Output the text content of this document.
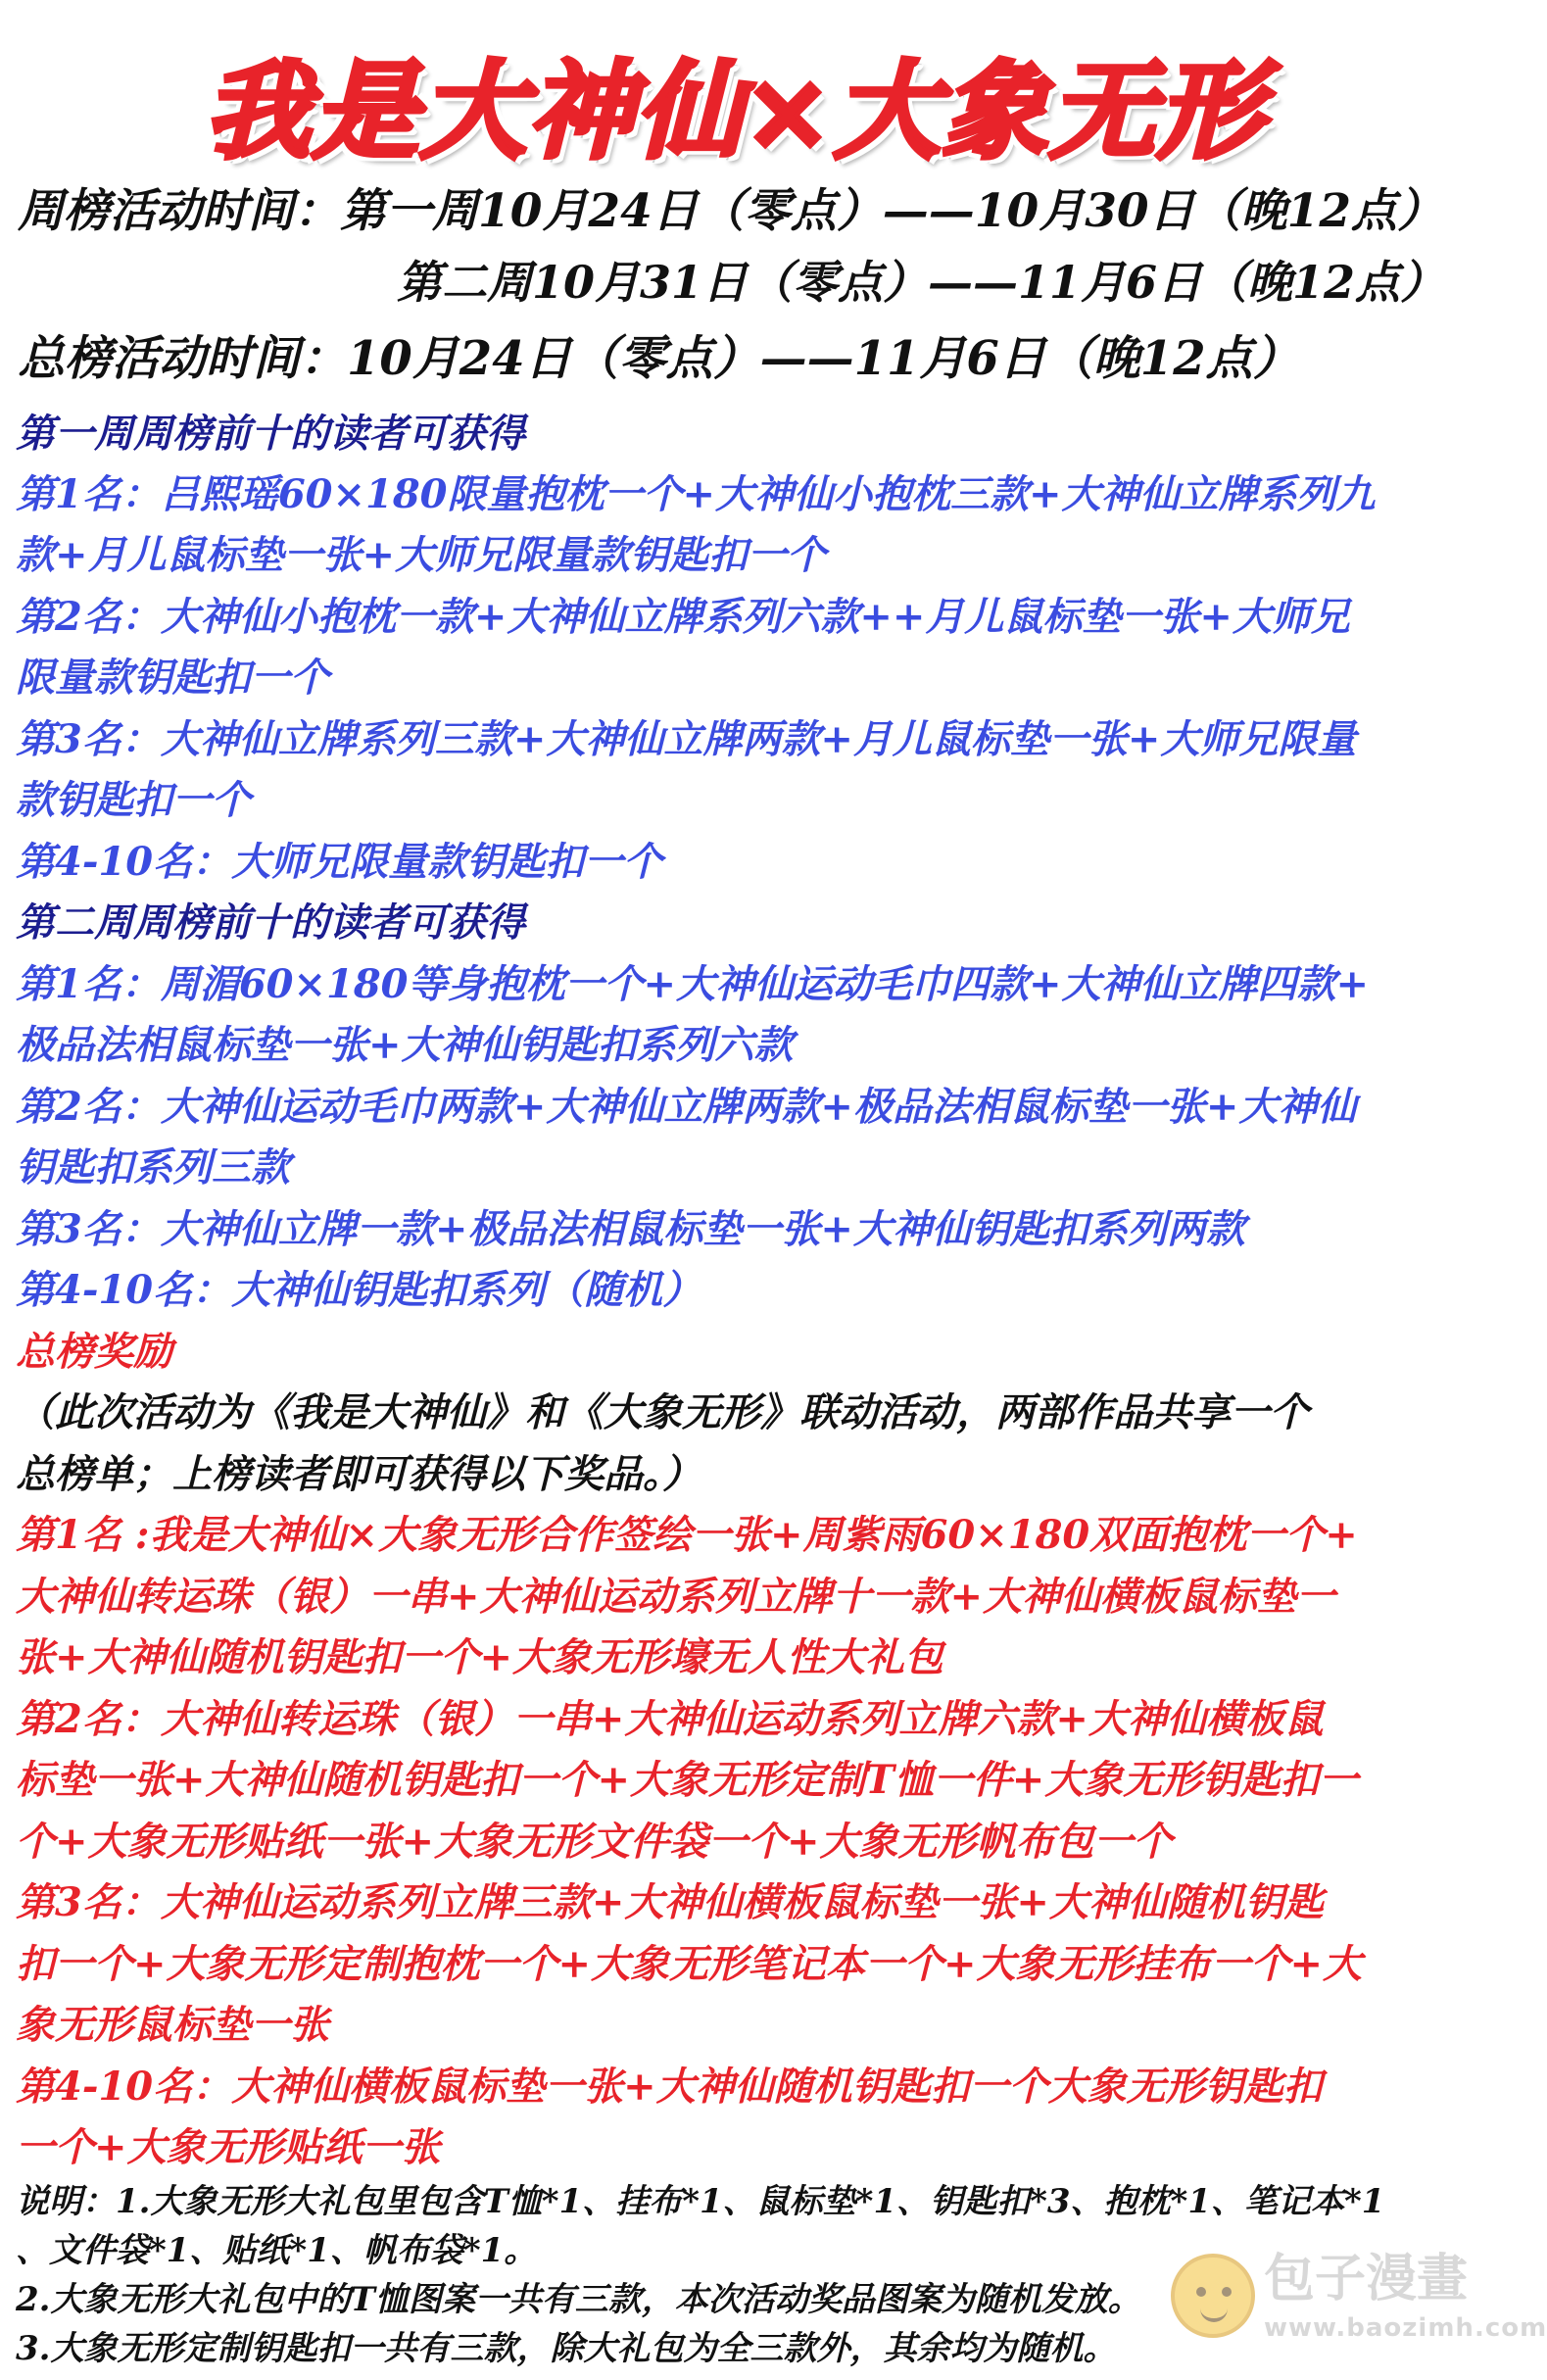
我是大神仙×大象无形
周榜活动时间：第一周10月24日（零点）——10月30日（晚12点）
第二周10月31日（零点）——11月6日（晚12点）
总榜活动时间：10月24日（零点）——11月6日（晚12点）
第一周周榜前十的读者可获得
第1名：吕熙瑶60×180限量抱枕一个+大神仙小抱枕三款+大神仙立牌系列九
款+月儿鼠标垫一张+大师兄限量款钥匙扣一个
第2名：大神仙小抱枕一款+大神仙立牌系列六款++月儿鼠标垫一张+大师兄
限量款钥匙扣一个
第3名：大神仙立牌系列三款+大神仙立牌两款+月儿鼠标垫一张+大师兄限量
款钥匙扣一个
第4-10名：大师兄限量款钥匙扣一个
第二周周榜前十的读者可获得
第1名：周湄60×180等身抱枕一个+大神仙运动毛巾四款+大神仙立牌四款+
极品法相鼠标垫一张+大神仙钥匙扣系列六款
第2名：大神仙运动毛巾两款+大神仙立牌两款+极品法相鼠标垫一张+大神仙
钥匙扣系列三款
第3名：大神仙立牌一款+极品法相鼠标垫一张+大神仙钥匙扣系列两款
第4-10名：大神仙钥匙扣系列（随机）
总榜奖励
（此次活动为《我是大神仙》和《大象无形》联动活动，两部作品共享一个
总榜单；上榜读者即可获得以下奖品。）
第1名 :我是大神仙×大象无形合作签绘一张+周紫雨60×180双面抱枕一个+
大神仙转运珠（银）一串+大神仙运动系列立牌十一款+大神仙横板鼠标垫一
张+大神仙随机钥匙扣一个+大象无形壕无人性大礼包
第2名：大神仙转运珠（银）一串+大神仙运动系列立牌六款+大神仙横板鼠
标垫一张+大神仙随机钥匙扣一个+大象无形定制T恤一件+大象无形钥匙扣一
个+大象无形贴纸一张+大象无形文件袋一个+大象无形帆布包一个
第3名：大神仙运动系列立牌三款+大神仙横板鼠标垫一张+大神仙随机钥匙
扣一个+大象无形定制抱枕一个+大象无形笔记本一个+大象无形挂布一个+大
象无形鼠标垫一张
第4-10名：大神仙横板鼠标垫一张+大神仙随机钥匙扣一个大象无形钥匙扣
一个+大象无形贴纸一张
说明：1.大象无形大礼包里包含T恤*1、挂布*1、鼠标垫*1、钥匙扣*3、抱枕*1、笔记本*1
、文件袋*1、贴纸*1、帆布袋*1。
2.大象无形大礼包中的T恤图案一共有三款，本次活动奖品图案为随机发放。
3.大象无形定制钥匙扣一共有三款，除大礼包为全三款外，其余均为随机。
包子漫畫
www.baozimh.com
